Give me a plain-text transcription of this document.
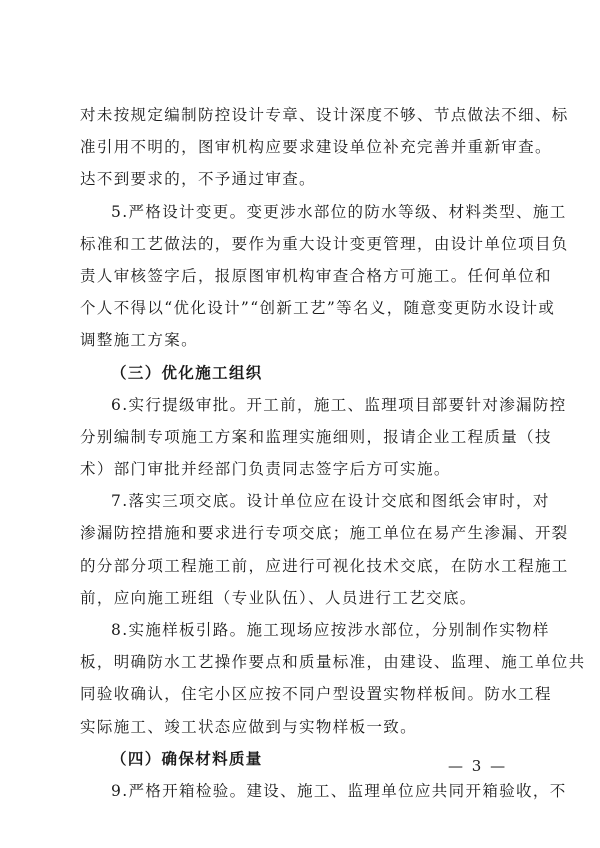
对未按规定编制防控设计专章、设计深度不够、节点做法不细、标
准引用不明的，图审机构应要求建设单位补充完善并重新审查。
达不到要求的，不予通过审查。
5.严格设计变更。变更涉水部位的防水等级、材料类型、施工
标准和工艺做法的，要作为重大设计变更管理，由设计单位项目负
责人审核签字后，报原图审机构审查合格方可施工。任何单位和
个人不得以“优化设计”“创新工艺”等名义，随意变更防水设计或
调整施工方案。
（三）优化施工组织
6.实行提级审批。开工前，施工、监理项目部要针对渗漏防控
分别编制专项施工方案和监理实施细则，报请企业工程质量（技
术）部门审批并经部门负责同志签字后方可实施。
7.落实三项交底。设计单位应在设计交底和图纸会审时，对
渗漏防控措施和要求进行专项交底；施工单位在易产生渗漏、开裂
的分部分项工程施工前，应进行可视化技术交底，在防水工程施工
前，应向施工班组（专业队伍）、人员进行工艺交底。
8.实施样板引路。施工现场应按涉水部位，分别制作实物样
板，明确防水工艺操作要点和质量标准，由建设、监理、施工单位共
同验收确认，住宅小区应按不同户型设置实物样板间。防水工程
实际施工、竣工状态应做到与实物样板一致。
（四）确保材料质量
9.严格开箱检验。建设、施工、监理单位应共同开箱验收，不
— 3 —
